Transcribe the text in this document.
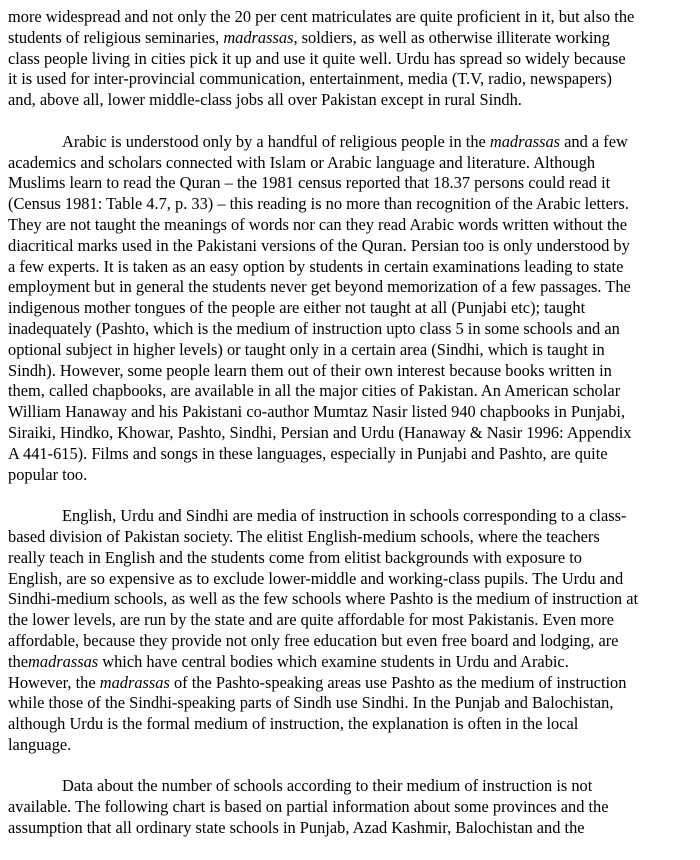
more widespread and not only the 20 per cent matriculates are quite proficient in it, but also the
students of religious seminaries, madrassas, soldiers, as well as otherwise illiterate working
class people living in cities pick it up and use it quite well. Urdu has spread so widely because
it is used for inter-provincial communication, entertainment, media (T.V, radio, newspapers)
and, above all, lower middle-class jobs all over Pakistan except in rural Sindh.
Arabic is understood only by a handful of religious people in the madrassas and a few
academics and scholars connected with Islam or Arabic language and literature. Although
Muslims learn to read the Quran – the 1981 census reported that 18.37 persons could read it
(Census 1981: Table 4.7, p. 33) – this reading is no more than recognition of the Arabic letters.
They are not taught the meanings of words nor can they read Arabic words written without the
diacritical marks used in the Pakistani versions of the Quran. Persian too is only understood by
a few experts. It is taken as an easy option by students in certain examinations leading to state
employment but in general the students never get beyond memorization of a few passages. The
indigenous mother tongues of the people are either not taught at all (Punjabi etc); taught
inadequately (Pashto, which is the medium of instruction upto class 5 in some schools and an
optional subject in higher levels) or taught only in a certain area (Sindhi, which is taught in
Sindh). However, some people learn them out of their own interest because books written in
them, called chapbooks, are available in all the major cities of Pakistan. An American scholar
William Hanaway and his Pakistani co-author Mumtaz Nasir listed 940 chapbooks in Punjabi,
Siraiki, Hindko, Khowar, Pashto, Sindhi, Persian and Urdu (Hanaway & Nasir 1996: Appendix
A 441-615). Films and songs in these languages, especially in Punjabi and Pashto, are quite
popular too.
English, Urdu and Sindhi are media of instruction in schools corresponding to a class-
based division of Pakistan society. The elitist English-medium schools, where the teachers
really teach in English and the students come from elitist backgrounds with exposure to
English, are so expensive as to exclude lower-middle and working-class pupils. The Urdu and
Sindhi-medium schools, as well as the few schools where Pashto is the medium of instruction at
the lower levels, are run by the state and are quite affordable for most Pakistanis. Even more
affordable, because they provide not only free education but even free board and lodging, are
themadrassas which have central bodies which examine students in Urdu and Arabic.
However, the madrassas of the Pashto-speaking areas use Pashto as the medium of instruction
while those of the Sindhi-speaking parts of Sindh use Sindhi. In the Punjab and Balochistan,
although Urdu is the formal medium of instruction, the explanation is often in the local
language.
Data about the number of schools according to their medium of instruction is not
available. The following chart is based on partial information about some provinces and the
assumption that all ordinary state schools in Punjab, Azad Kashmir, Balochistan and the
